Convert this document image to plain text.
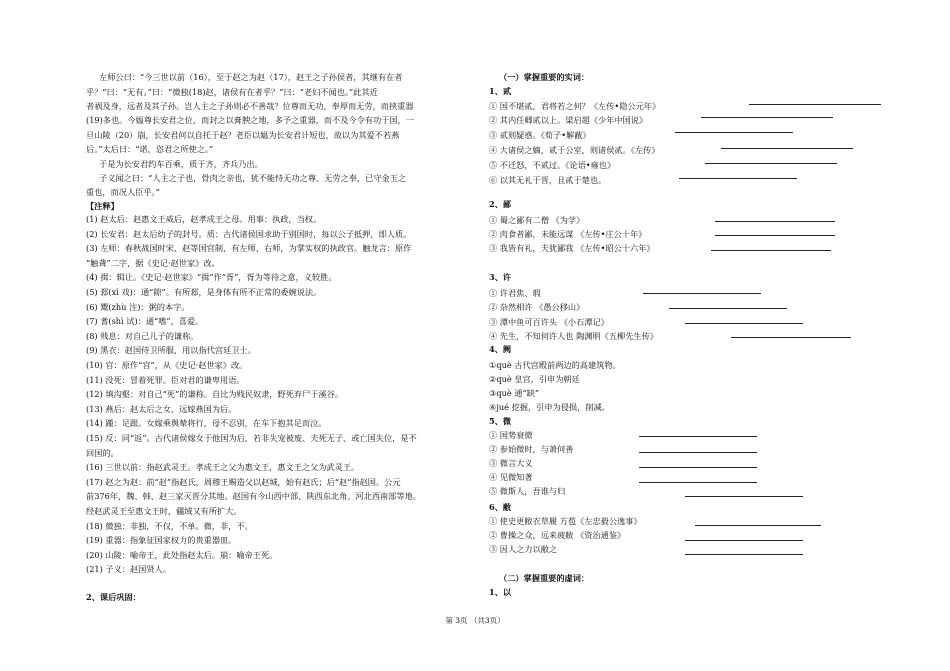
左师公曰：“今三世以前（16），至于赵之为赵（17），赵王之子孙侯者，其继有在者
乎？”曰：“无有。”曰：“微独(18)赵，诸侯有在者乎？”曰：“老妇不闻也。”此其近
者祸及身，远者及其子孙。岂人主之子孙则必不善哉？位尊而无功，奉厚而无劳，而挟重器
(19)多也。今媪尊长安君之位，而封之以膏腴之地，多予之重器，而不及今令有功于国，一
旦山陵（20）崩，长安君何以自托于赵？老臣以媪为长安君计短也，故以为其爱不若燕
后。”太后曰：“诺，恣君之所使之。”
于是为长安君约车百乘，质于齐，齐兵乃出。
子义闻之曰：“人主之子也，骨肉之亲也，犹不能恃无功之尊、无劳之奉，已守金玉之
重也，而况人臣乎。”
【注释】
(1) 赵太后：赵惠文王威后，赵孝成王之母。用事：执政，当权。
(2) 长安君：赵太后幼子的封号。质：古代诸侯国求助于别国时，每以公子抵押，即人质。
(3) 左师：春秋战国时宋、赵等国官制，有左师、右师，为掌实权的执政官。触龙言：原作
“触聋”二字，据《史记·赵世家》改。
(4) 揖：辑让。《史记·赵世家》“揖”作“胥”，胥为等待之意，义较胜。
(5) 郄(xì 戏)：通“隙”。有所郄，是身体有所不正常的委婉说法。
(6) 鬻(zhù 注)：粥的本字。
(7) 耆(shì 试)：通“嗜”，喜爱。
(8) 贱息：对自己儿子的谦称。
(9) 黑衣：赵国侍卫所服，用以指代宫廷卫士。
(10) 官：原作“宫”，从《史记·赵世家》改。
(11) 没死：冒着死罪。臣对君的谦卑用语。
(12) 填沟壑：对自己“死”的谦称。自比为贱民奴隶，野死弃尸于溪谷。
(13) 燕后：赵太后之女，远嫁燕国为后。
(14) 踵：足跟。女嫁乘舆辇将行，母不忍别，在车下抱其足而泣。
(15) 反：同“返”。古代诸侯嫁女于他国为后，若非失宠被废、夫死无子、或亡国失位，是不
回国的。
(16) 三世以前：指赵武灵王。孝成王之父为惠文王，惠文王之父为武灵王。
(17) 赵之为赵：前“赵”指赵氏，周穆王赐造父以赵城，始有赵氏；后“赵”指赵国。公元
前376年，魏、韩、赵三家灭晋分其地。赵国有今山西中部、陕西东北角、河北西南部等地。
经赵武灵王至惠文王时，疆域又有所扩大。
(18) 微独：非独，不仅，不单。微，非，不。
(19) 重器：指象征国家权力的贵重器皿。
(20) 山陵：喻帝王，此处指赵太后。崩：喻帝王死。
(21) 子义：赵国贤人。
2、课后巩固：
（一）掌握重要的实词：
1、贰
① 国不堪贰，君将若之何？《左传•隐公元年》
② 其内任卿贰以上。梁启超《少年中国说》
③ 贰则疑惑。《荀子•解蔽》
④ 大诸侯之嫡，贰于公室，则诸侯贰。《左传》
⑤ 不迁怒，不贰过。《论语•雍也》
⑥ 以其无礼于晋，且贰于楚也。
2、鄙
① 蜀之鄙有二僧 《为学》
② 肉食者鄙，未能远谋 《左传•庄公十年》
③ 我皆有礼，夫犹鄙我 《左传•昭公十六年》
3、许
① 许君焦、瑕
② 杂然相许 《愚公移山》
③ 潭中鱼可百许头 《小石潭记》
④ 先生，不知何许人也 陶渊明《五柳先生传》
4、阙
①què 古代宫殿前两边的高建筑物。
②què 皇宫，引申为朝廷
③què 通“缺”
④jué 挖掘，引申为侵损，削减。
5、微
① 国势衰微
② 参始微时，与萧何善
③ 微言大义
④ 见微知著
⑤ 微斯人，吾谁与归
6、敝
① 使史更敝衣草履 方苞《左忠毅公逸事》
② 曹操之众，远来疲敝 《资治通鉴》
③ 因人之力以敝之
（二）掌握重要的虚词：
1、以
第 3页 （共3页）
